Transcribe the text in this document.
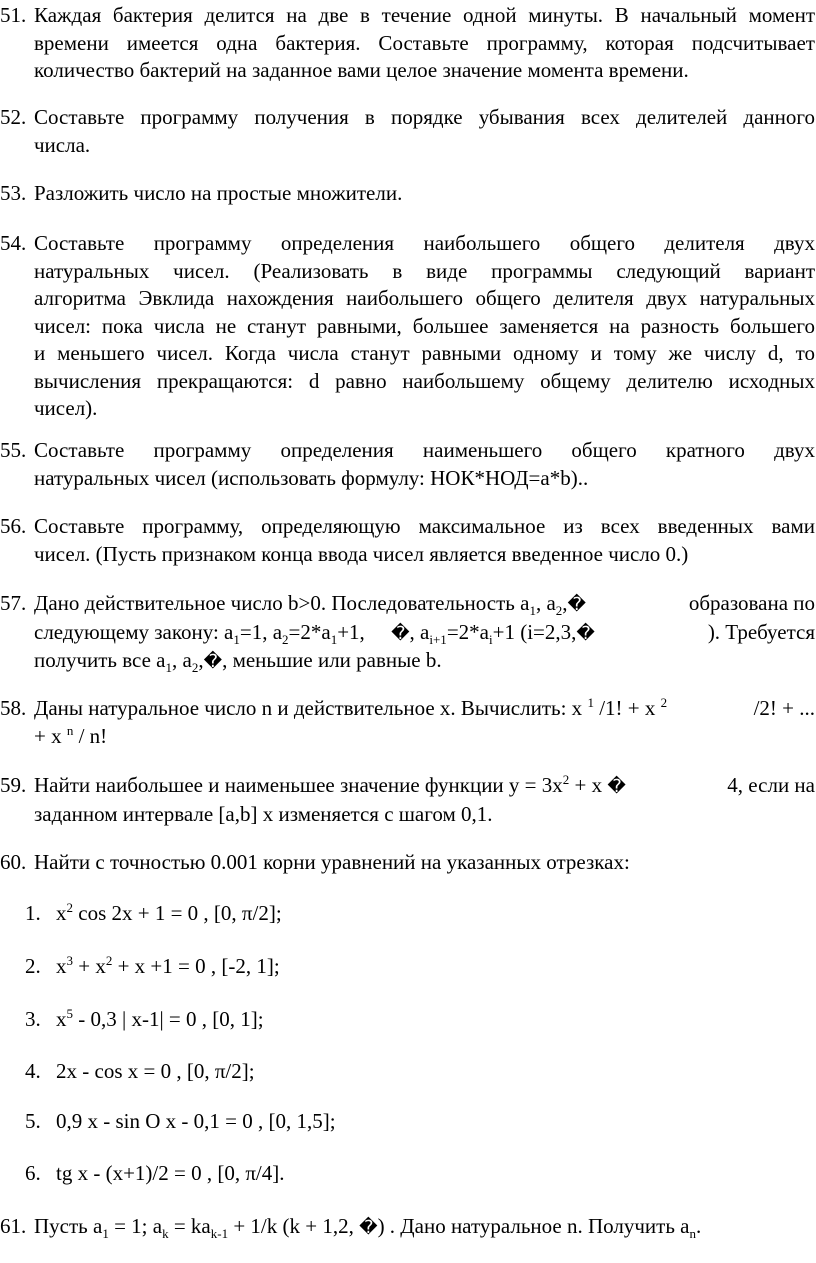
51. Каждая бактерия делится на две в течение одной минуты. В начальный момент
времени имеется одна бактерия. Составьте программу, которая подсчитывает
количество бактерий на заданное вами целое значение момента времени.
52. Составьте программу получения в порядке убывания всех делителей данного
числа.
53. Разложить число на простые множители.
54. Составьте программу определения наибольшего общего делителя двух
натуральных чисел. (Реализовать в виде программы следующий вариант
алгоритма Эвклида нахождения наибольшего общего делителя двух натуральных
чисел: пока числа не станут равными, большее заменяется на разность большего
и меньшего чисел. Когда числа станут равными одному и тому же числу d, то
вычисления прекращаются: d равно наибольшему общему делителю исходных
чисел).
55. Составьте программу определения наименьшего общего кратного двух
натуральных чисел (использовать формулу: НОК*НОД=a*b)..
56. Составьте программу, определяющую максимальное из всех введенных вами
чисел. (Пусть признаком конца ввода чисел является введенное число 0.)
57. Дано действительное число b>0. Последовательность $a_1$, $a_2,�$	образована по
следующему закону: $a_1=1$, $a_2=2*a_1+1$, �, $a_{i+1}=2*a_i+1$ (i=2,3,�	). Требуется
получить все $a_1$, $a_2,�$, меньшие или равные b.
58. Даны натуральное число n и действительное x. Вычислить: x $^1$ /1! + x $^2$	/2! + ...
+ x $^n$ / n!
59. Найти наибольшее и наименьшее значение функции $y = 3x^2 + x$ �	4, если на
заданном интервале [a,b] x изменяется с шагом 0,1.
60. Найти с точностью 0.001 корни уравнений на указанных отрезках:
1. $x^2$ cos 2x + 1 = 0 , [0, π/2];
2. $x^3 + x^2 + x +1 = 0$ , [-2, 1];
3. $x^5 - 0,3$ | x-1| = 0 , [0, 1];
4. 2x - cos x = 0 , [0, π/2];
5. 0,9 x - sin O x - 0,1 = 0 , [0, 1,5];
6. tg x - (x+1)/2 = 0 , [0, π/4].
61. Пусть $a_1 = 1$; $a_k = ka_{k-1} + 1/k$ (k + 1,2, �) . Дано натуральное n. Получить $a_n$.
